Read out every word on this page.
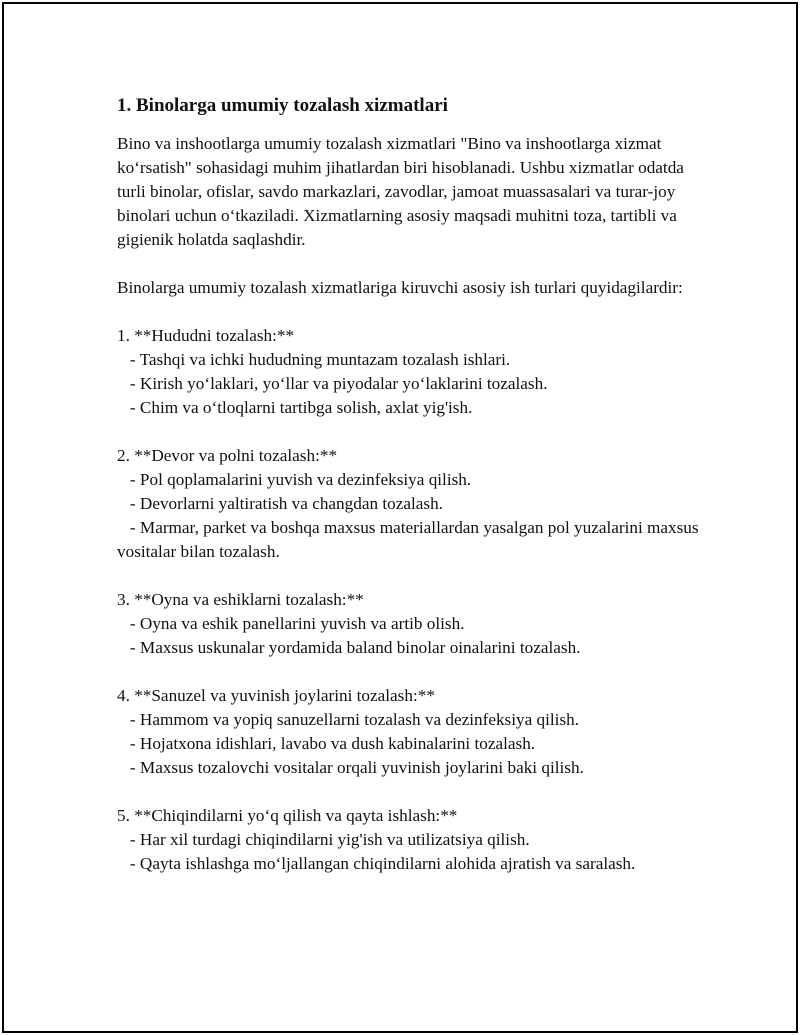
1. Binolarga umumiy tozalash xizmatlari

Bino va inshootlarga umumiy tozalash xizmatlari "Bino va inshootlarga xizmat koʻrsatish" sohasidagi muhim jihatlardan biri hisoblanadi. Ushbu xizmatlar odatda turli binolar, ofislar, savdo markazlari, zavodlar, jamoat muassasalari va turar-joy binolari uchun oʻtkaziladi. Xizmatlarning asosiy maqsadi muhitni toza, tartibli va gigienik holatda saqlashdir.

Binolarga umumiy tozalash xizmatlariga kiruvchi asosiy ish turlari quyidagilardir:

1. **Hududni tozalash:**

- Tashqi va ichki hududning muntazam tozalash ishlari.

- Kirish yoʻlaklari, yoʻllar va piyodalar yoʻlaklarini tozalash.

- Chim va oʻtloqlarni tartibga solish, axlat yig'ish.

2. **Devor va polni tozalash:**

- Pol qoplamalarini yuvish va dezinfeksiya qilish.

- Devorlarni yaltiratish va changdan tozalash.

- Marmar, parket va boshqa maxsus materiallardan yasalgan pol yuzalarini maxsus vositalar bilan tozalash.

3. **Oyna va eshiklarni tozalash:**

- Oyna va eshik panellarini yuvish va artib olish.

- Maxsus uskunalar yordamida baland binolar oinalarini tozalash.

4. **Sanuzel va yuvinish joylarini tozalash:**

- Hammom va yopiq sanuzellarni tozalash va dezinfeksiya qilish.

- Hojatxona idishlari, lavabo va dush kabinalarini tozalash.

- Maxsus tozalovchi vositalar orqali yuvinish joylarini baki qilish.

5. **Chiqindilarni yoʻq qilish va qayta ishlash:**

- Har xil turdagi chiqindilarni yig'ish va utilizatsiya qilish.

- Qayta ishlashga moʻljallangan chiqindilarni alohida ajratish va saralash.
